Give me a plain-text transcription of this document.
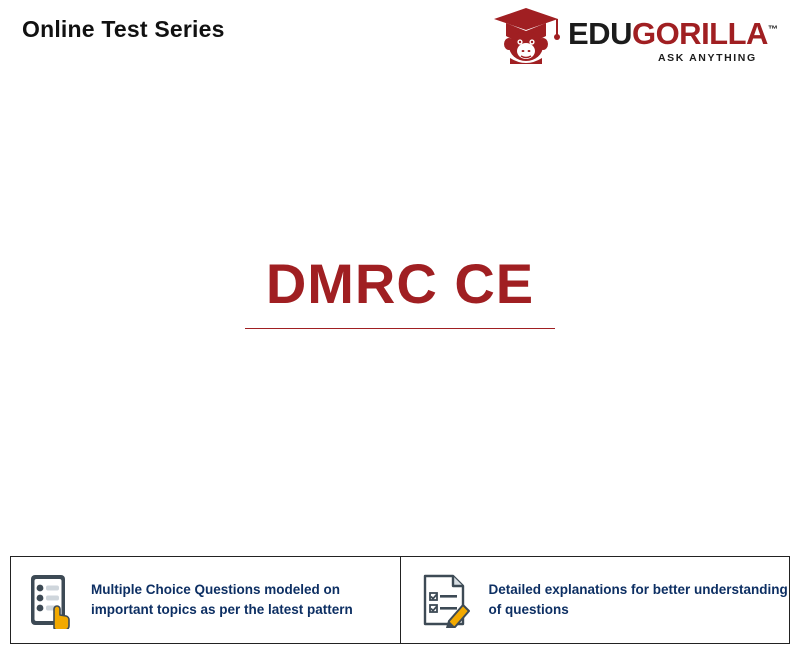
Online Test Series	EDUGORILLA™
ASK ANYTHING
DMRC CE
Multiple Choice Questions modeled on important topics as per the latest pattern
Detailed explanations for better understanding of questions
